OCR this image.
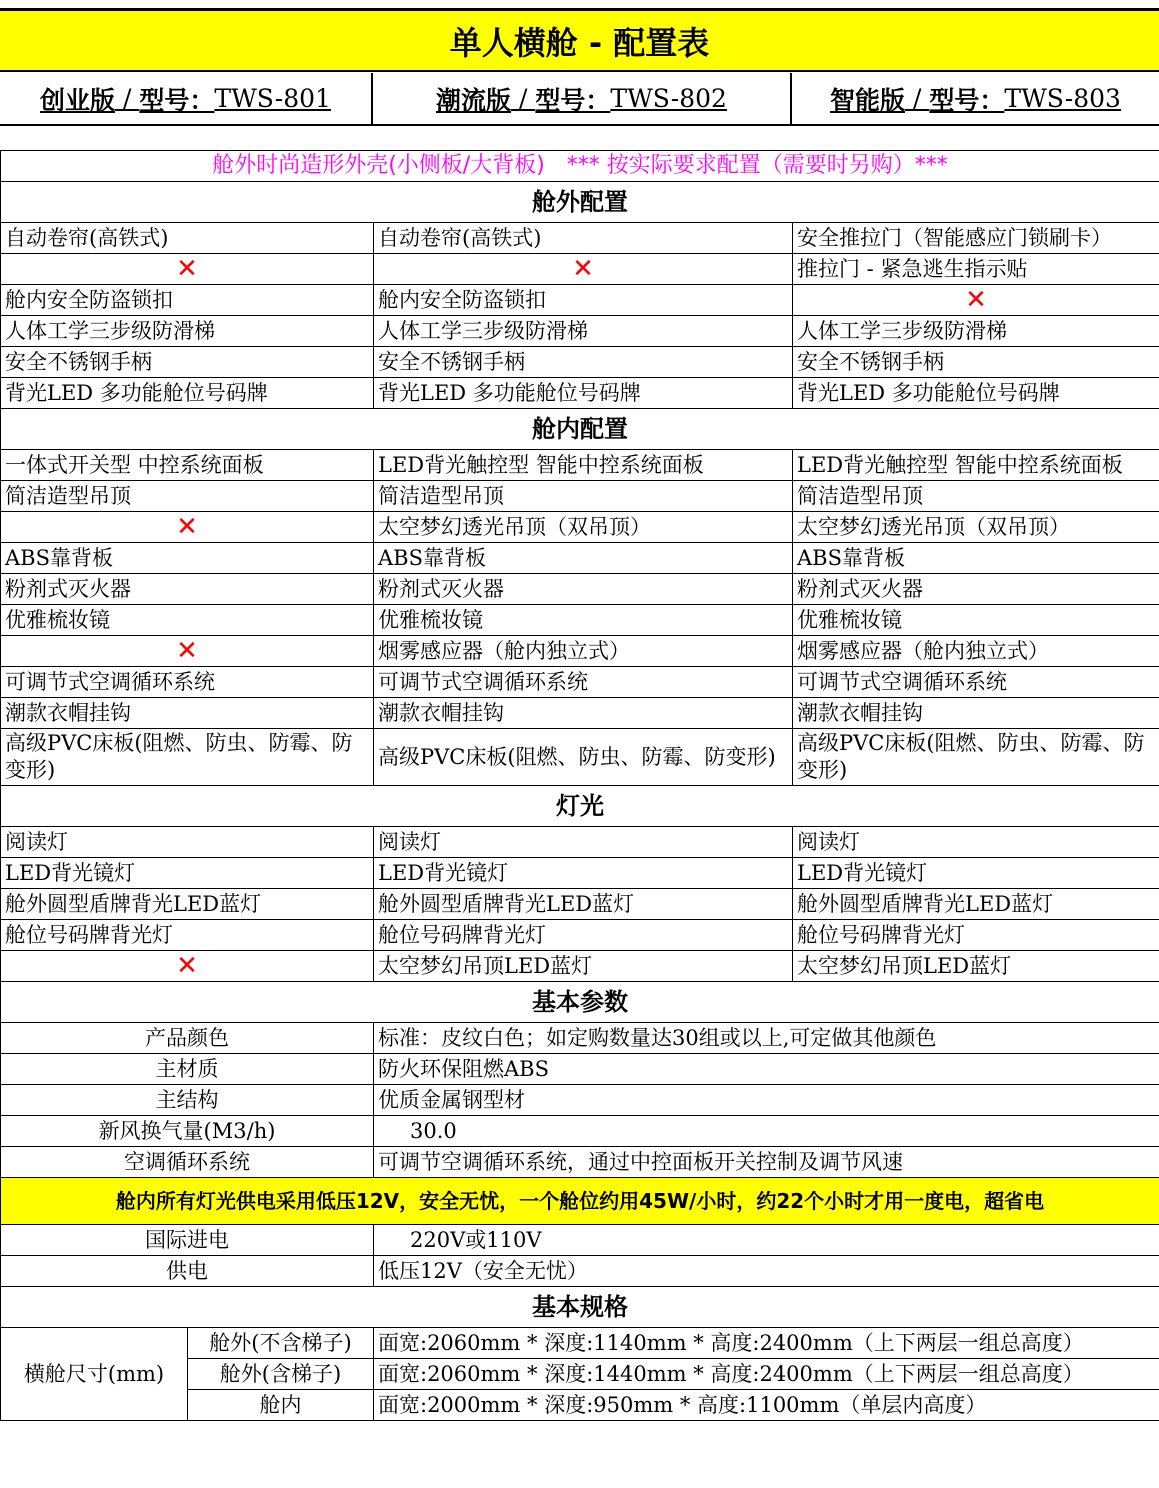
单人横舱 - 配置表
创业版 / 型号： TWS-801	潮流版 / 型号： TWS-802	智能版 / 型号： TWS-803
舱外时尚造形外壳(小侧板/大背板)　*** 按实际要求配置（需要时另购）***			
舱外配置			
自动卷帘(高铁式)		自动卷帘(高铁式)	安全推拉门（智能感应门锁刷卡）
✕		✕	推拉门 - 紧急逃生指示贴
舱内安全防盗锁扣		舱内安全防盗锁扣	✕
人体工学三步级防滑梯		人体工学三步级防滑梯	人体工学三步级防滑梯
安全不锈钢手柄		安全不锈钢手柄	安全不锈钢手柄
背光LED 多功能舱位号码牌		背光LED 多功能舱位号码牌	背光LED 多功能舱位号码牌
舱内配置			
一体式开关型 中控系统面板		LED背光触控型 智能中控系统面板	LED背光触控型 智能中控系统面板
简洁造型吊顶		简洁造型吊顶	简洁造型吊顶
✕		太空梦幻透光吊顶（双吊顶）	太空梦幻透光吊顶（双吊顶）
ABS靠背板		ABS靠背板	ABS靠背板
粉剂式灭火器		粉剂式灭火器	粉剂式灭火器
优雅梳妆镜		优雅梳妆镜	优雅梳妆镜
✕		烟雾感应器（舱内独立式）	烟雾感应器（舱内独立式）
可调节式空调循环系统		可调节式空调循环系统	可调节式空调循环系统
潮款衣帽挂钩		潮款衣帽挂钩	潮款衣帽挂钩
高级PVC床板(阻燃、防虫、防霉、防变形)		高级PVC床板(阻燃、防虫、防霉、防变形)	高级PVC床板(阻燃、防虫、防霉、防变形)
灯光			
阅读灯		阅读灯	阅读灯
LED背光镜灯		LED背光镜灯	LED背光镜灯
舱外圆型盾牌背光LED蓝灯		舱外圆型盾牌背光LED蓝灯	舱外圆型盾牌背光LED蓝灯
舱位号码牌背光灯		舱位号码牌背光灯	舱位号码牌背光灯
✕		太空梦幻吊顶LED蓝灯	太空梦幻吊顶LED蓝灯
基本参数			
产品颜色		标准：皮纹白色；如定购数量达30组或以上,可定做其他颜色	
主材质		防火环保阻燃ABS	
主结构		优质金属钢型材	
新风换气量(M3/h)		30.0	
空调循环系统		可调节空调循环系统，通过中控面板开关控制及调节风速	
舱内所有灯光供电采用低压12V，安全无忧，一个舱位约用45W/小时，约22个小时才用一度电，超省电			
国际进电		220V或110V	
供电		低压12V（安全无忧）	
基本规格			
横舱尺寸(mm)	舱外(不含梯子)	面宽:2060mm * 深度:1140mm * 高度:2400mm（上下两层一组总高度）	
	舱外(含梯子)	面宽:2060mm * 深度:1440mm * 高度:2400mm（上下两层一组总高度）	
	舱内	面宽:2000mm * 深度:950mm * 高度:1100mm（单层内高度）	
